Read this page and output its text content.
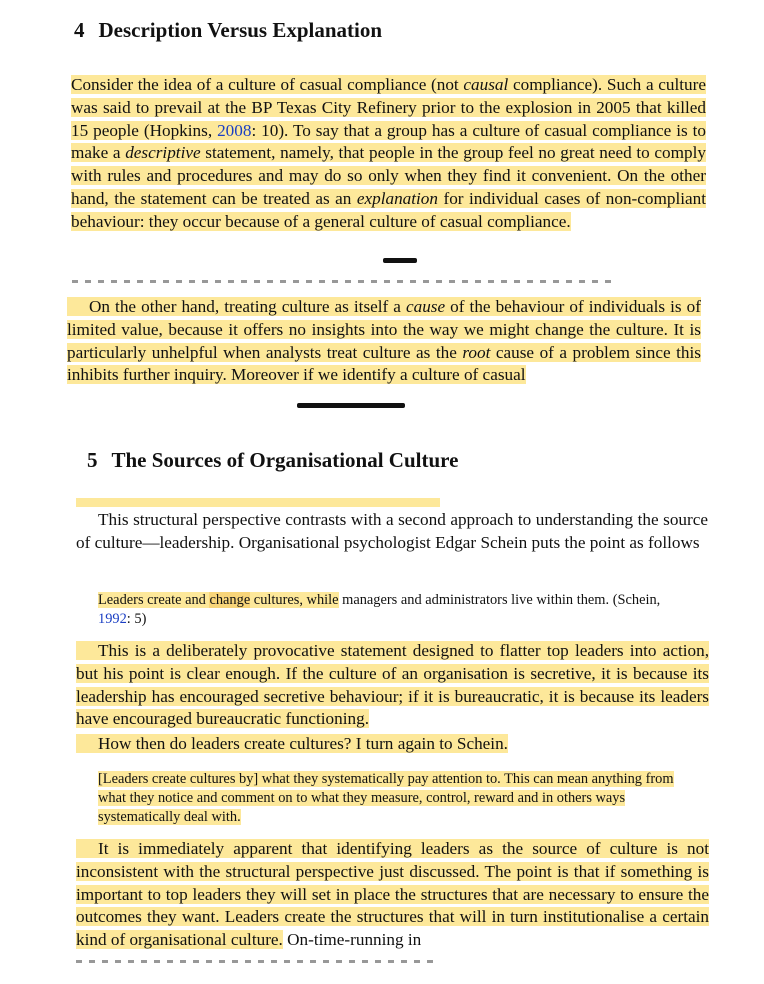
4 Description Versus Explanation
Consider the idea of a culture of casual compliance (not causal compliance). Such a culture was said to prevail at the BP Texas City Refinery prior to the explosion in 2005 that killed 15 people (Hopkins, 2008: 10). To say that a group has a culture of casual compliance is to make a descriptive statement, namely, that people in the group feel no great need to comply with rules and procedures and may do so only when they find it convenient. On the other hand, the statement can be treated as an explanation for individual cases of non-compliant behaviour: they occur because of a general culture of casual compliance.
On the other hand, treating culture as itself a cause of the behaviour of individuals is of limited value, because it offers no insights into the way we might change the culture. It is particularly unhelpful when analysts treat culture as the root cause of a problem since this inhibits further inquiry. Moreover if we identify a culture of casual
5 The Sources of Organisational Culture
This structural perspective contrasts with a second approach to understanding the source of culture—leadership. Organisational psychologist Edgar Schein puts the point as follows
Leaders create and change cultures, while managers and administrators live within them. (Schein, 1992: 5)
This is a deliberately provocative statement designed to flatter top leaders into action, but his point is clear enough. If the culture of an organisation is secretive, it is because its leadership has encouraged secretive behaviour; if it is bureaucratic, it is because its leaders have encouraged bureaucratic functioning.
How then do leaders create cultures? I turn again to Schein.
[Leaders create cultures by] what they systematically pay attention to. This can mean anything from what they notice and comment on to what they measure, control, reward and in others ways systematically deal with.
It is immediately apparent that identifying leaders as the source of culture is not inconsistent with the structural perspective just discussed. The point is that if something is important to top leaders they will set in place the structures that are necessary to ensure the outcomes they want. Leaders create the structures that will in turn institutionalise a certain kind of organisational culture. On-time-running in
